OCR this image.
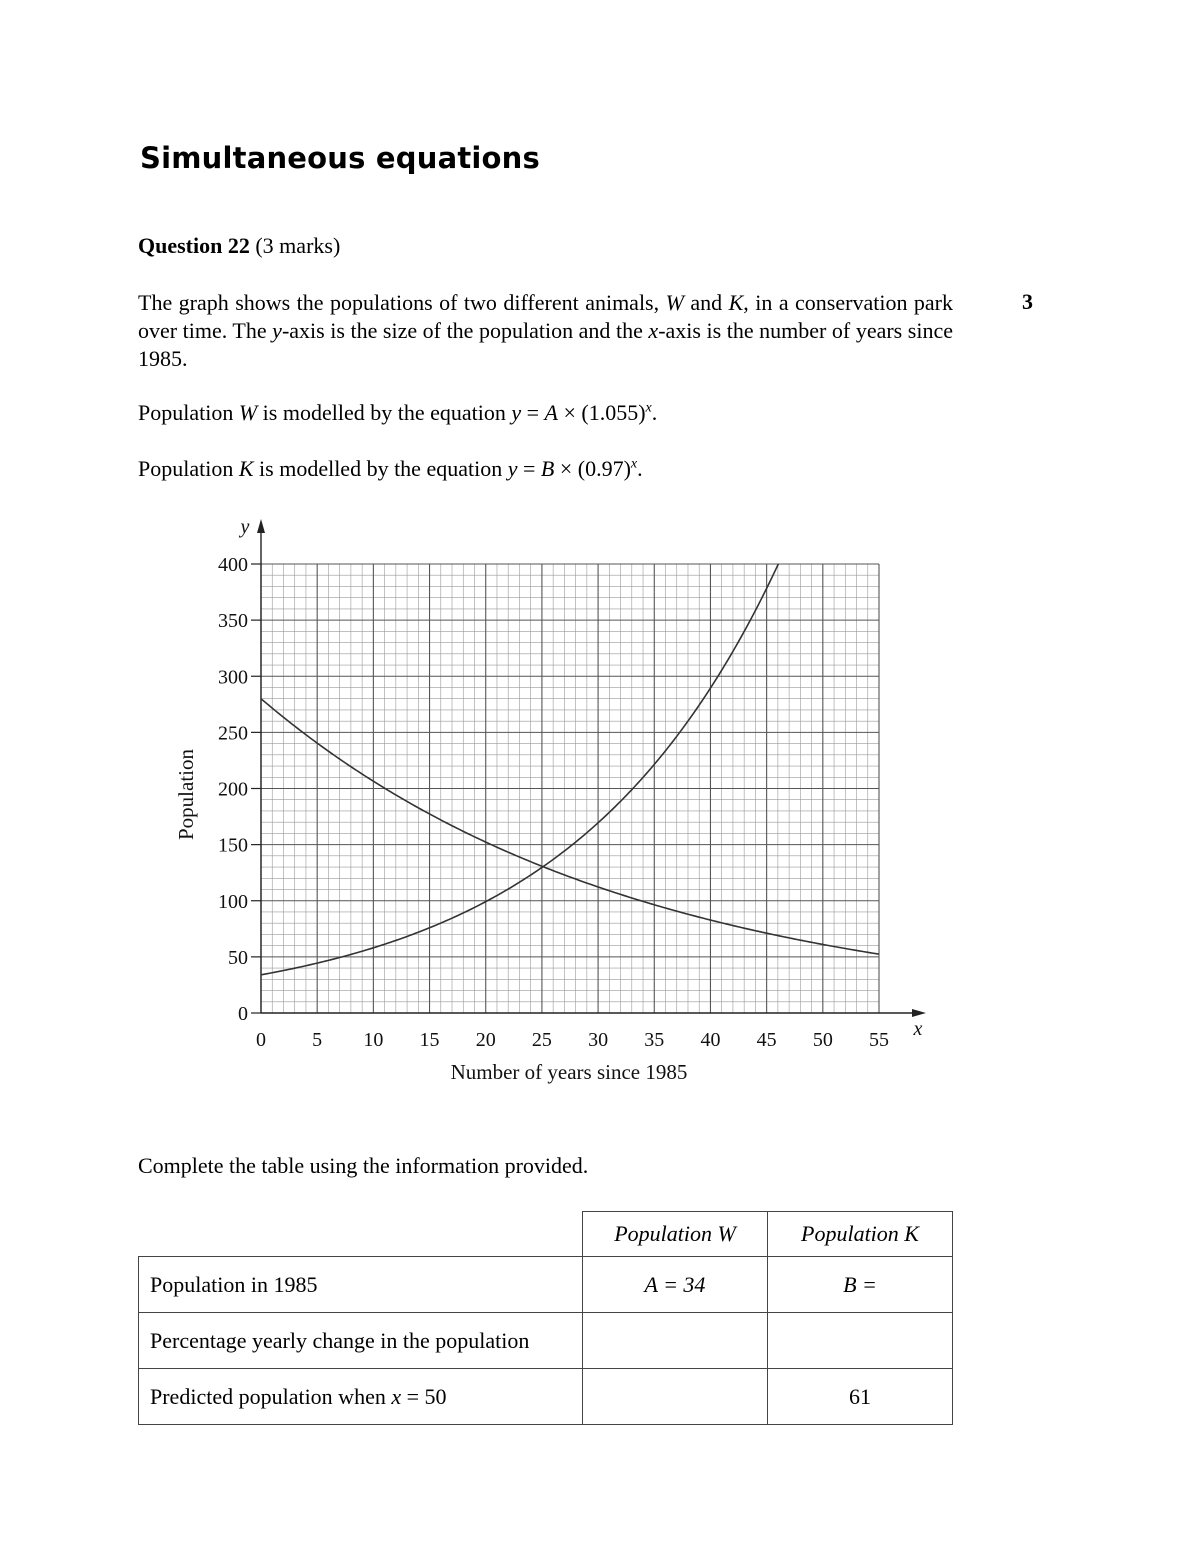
Simultaneous equations
Question 22 (3 marks)
The graph shows the populations of two different animals, W and K, in a conservation park over time. The y-axis is the size of the population and the x-axis is the number of years since 1985.
3
Population W is modelled by the equation $y = A \times (1.055)^x$.
Population K is modelled by the equation $y = B \times (0.97)^x$.
0
50
100
150
200
250
300
350
400
0 5 10 15 20 25 30 35 40 45 50 55 x
y
Number of years since 1985
Population
Complete the table using the information provided.
	Population W	Population K
Population in 1985	A = 34	B =
Percentage yearly change in the population		
Predicted population when x = 50		61
